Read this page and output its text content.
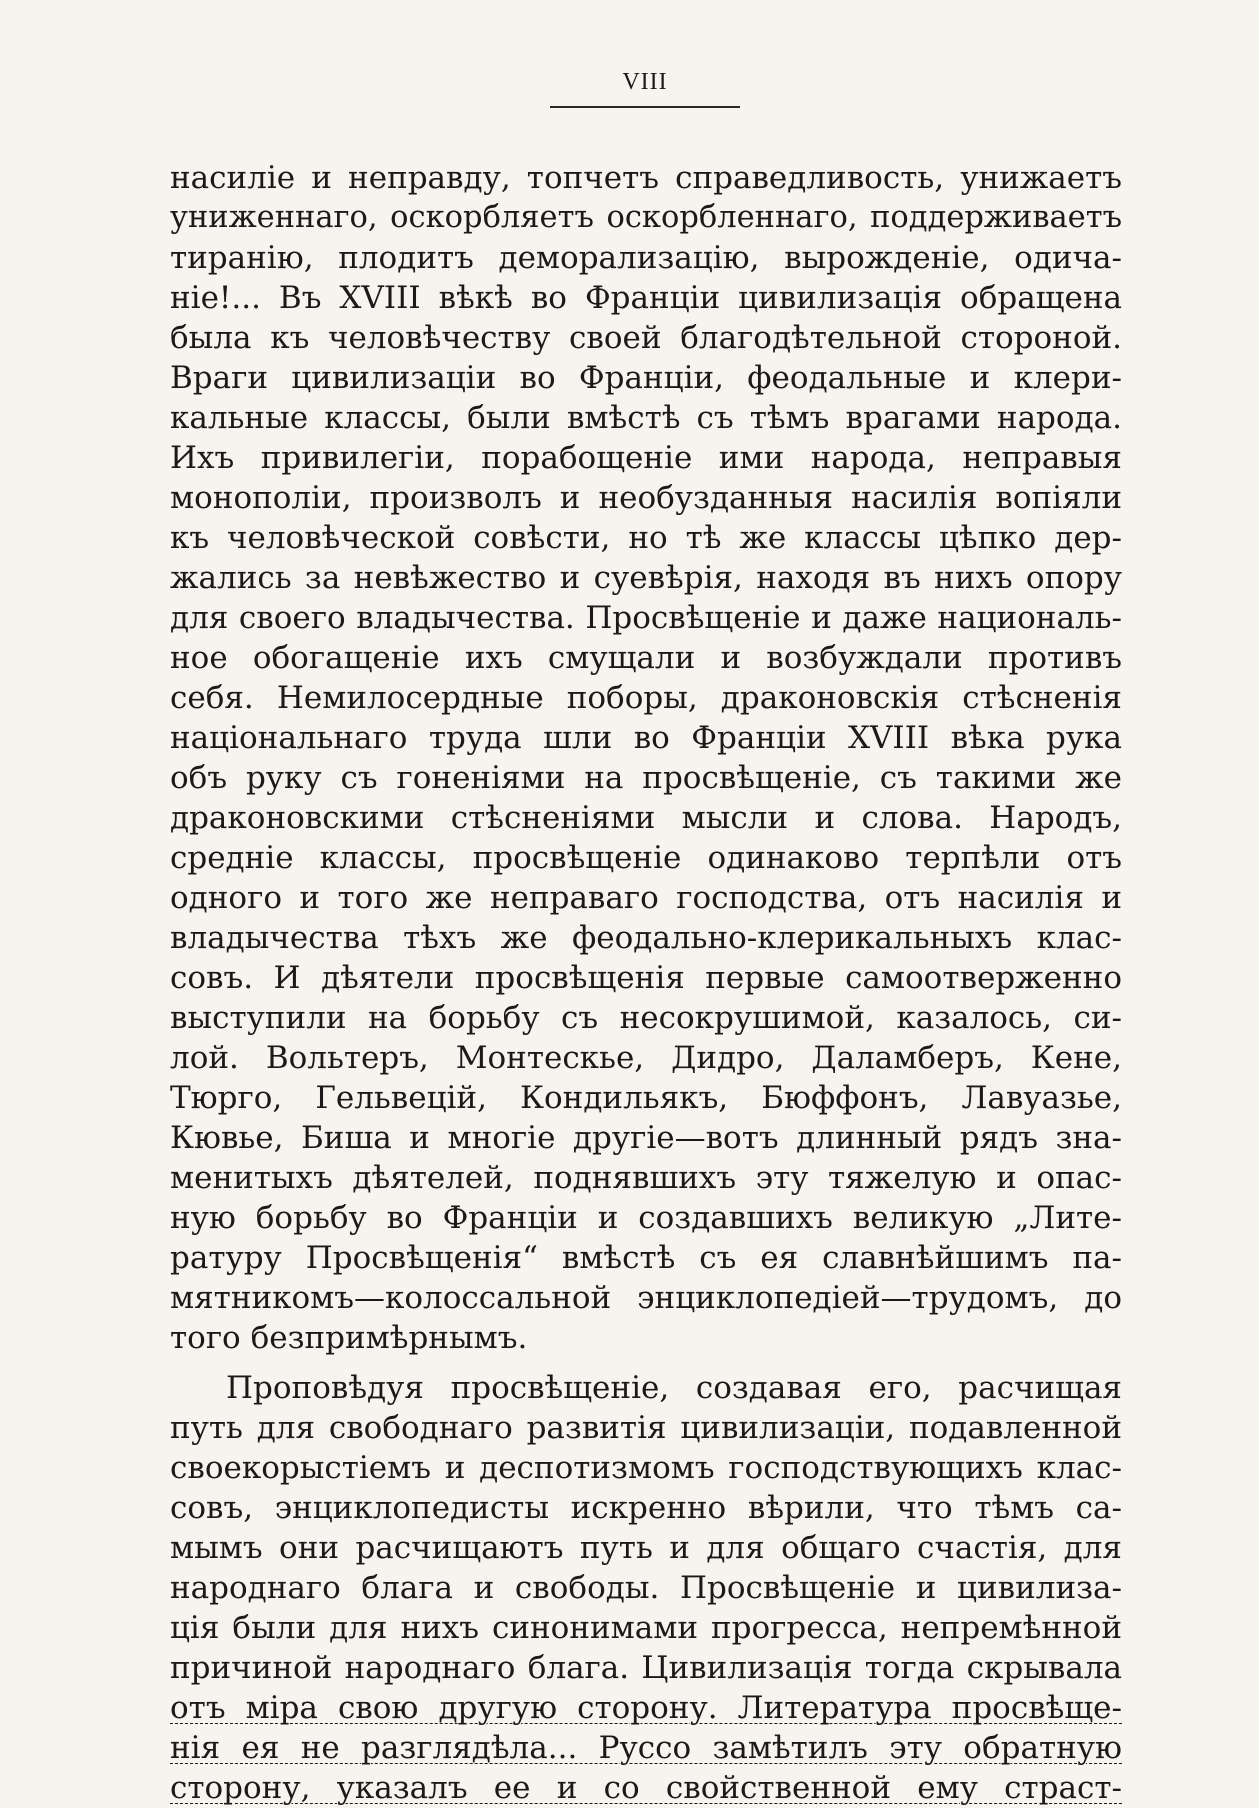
VIII
насиліе и неправду, топчетъ справедливость, унижаетъ
униженнаго, оскорбляетъ оскорбленнаго, поддерживаетъ
тиранію, плодитъ деморализацію, вырожденіе, одича-
ніе!... Въ XVIII вѣкѣ во Франціи цивилизація обращена
была къ человѣчеству своей благодѣтельной стороной.
Враги цивилизаціи во Франціи, феодальные и клери-
кальные классы, были вмѣстѣ съ тѣмъ врагами народа.
Ихъ привилегіи, порабощеніе ими народа, неправыя
монополіи, произволъ и необузданныя насилія вопіяли
къ человѣческой совѣсти, но тѣ же классы цѣпко дер-
жались за невѣжество и суевѣрія, находя въ нихъ опору
для своего владычества. Просвѣщеніе и даже националь-
ное обогащеніе ихъ смущали и возбуждали противъ
себя. Немилосердные поборы, драконовскія стѣсненія
національнаго труда шли во Франціи XVIII вѣка рука
объ руку съ гоненіями на просвѣщеніе, съ такими же
драконовскими стѣсненіями мысли и слова. Народъ,
средніе классы, просвѣщеніе одинаково терпѣли отъ
одного и того же неправаго господства, отъ насилія и
владычества тѣхъ же феодально-клерикальныхъ клас-
совъ. И дѣятели просвѣщенія первые самоотверженно
выступили на борьбу съ несокрушимой, казалось, си-
лой. Вольтеръ, Монтескье, Дидро, Даламберъ, Кене,
Тюрго, Гельвецій, Кондильякъ, Бюффонъ, Лавуазье,
Кювье, Биша и многіе другіе—вотъ длинный рядъ зна-
менитыхъ дѣятелей, поднявшихъ эту тяжелую и опас-
ную борьбу во Франціи и создавшихъ великую „Лите-
ратуру Просвѣщенія“ вмѣстѣ съ ея славнѣйшимъ па-
мятникомъ—колоссальной энциклопедіей—трудомъ, до
того безпримѣрнымъ.
Проповѣдуя просвѣщеніе, создавая его, расчищая
путь для свободнаго развитія цивилизаціи, подавленной
своекорыстіемъ и деспотизмомъ господствующихъ клас-
совъ, энциклопедисты искренно вѣрили, что тѣмъ са-
мымъ они расчищаютъ путь и для общаго счастія, для
народнаго блага и свободы. Просвѣщеніе и цивилиза-
ція были для нихъ синонимами прогресса, непремѣнной
причиной народнаго блага. Цивилизація тогда скрывала
отъ міра свою другую сторону. Литература просвѣще-
нія ея не разглядѣла... Руссо замѣтилъ эту обратную
сторону, указалъ ее и со свойственной ему страст-
